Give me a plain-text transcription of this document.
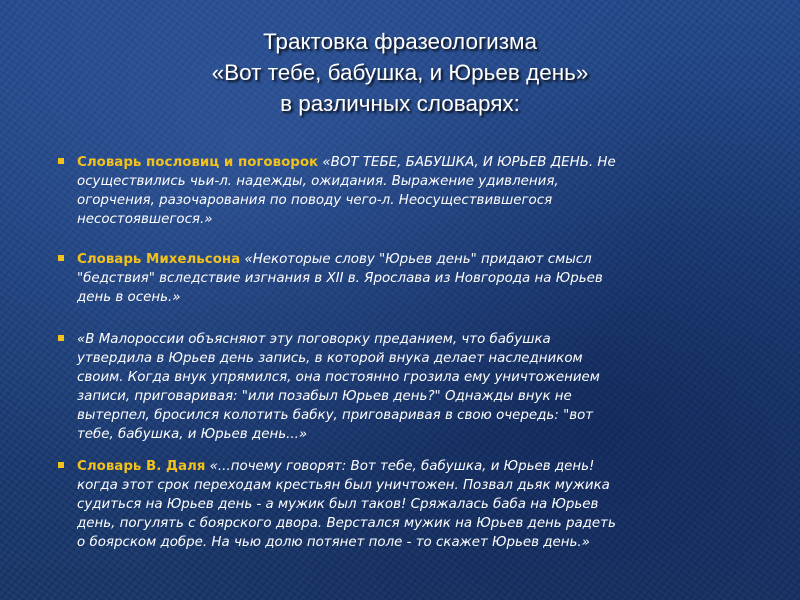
Трактовка фразеологизма
«Вот тебе, бабушка, и Юрьев день»
в различных словарях:
Словарь пословиц и поговорок «ВОТ ТЕБЕ, БАБУШКА, И ЮРЬЕВ ДЕНЬ. Не
осуществились чьи-л. надежды, ожидания. Выражение удивления,
огорчения, разочарования по поводу чего-л. Неосуществившегося
несостоявшегося.»
Словарь Михельсона «Некоторые слову "Юрьев день" придают смысл
"бедствия" вследствие изгнания в XII в. Ярослава из Новгорода на Юрьев
день в осень.»
«В Малороссии объясняют эту поговорку преданием, что бабушка
утвердила в Юрьев день запись, в которой внука делает наследником
своим. Когда внук упрямился, она постоянно грозила ему уничтожением
записи, приговаривая: "или позабыл Юрьев день?" Однажды внук не
вытерпел, бросился колотить бабку, приговаривая в свою очередь: "вот
тебе, бабушка, и Юрьев день...»
Словарь В. Даля «...почему говорят: Вот тебе, бабушка, и Юрьев день!
когда этот срок переходам крестьян был уничтожен. Позвал дьяк мужика
судиться на Юрьев день - а мужик был таков! Сряжалась баба на Юрьев
день, погулять с боярского двора. Верстался мужик на Юрьев день радеть
о боярском добре. На чью долю потянет поле - то скажет Юрьев день.»
